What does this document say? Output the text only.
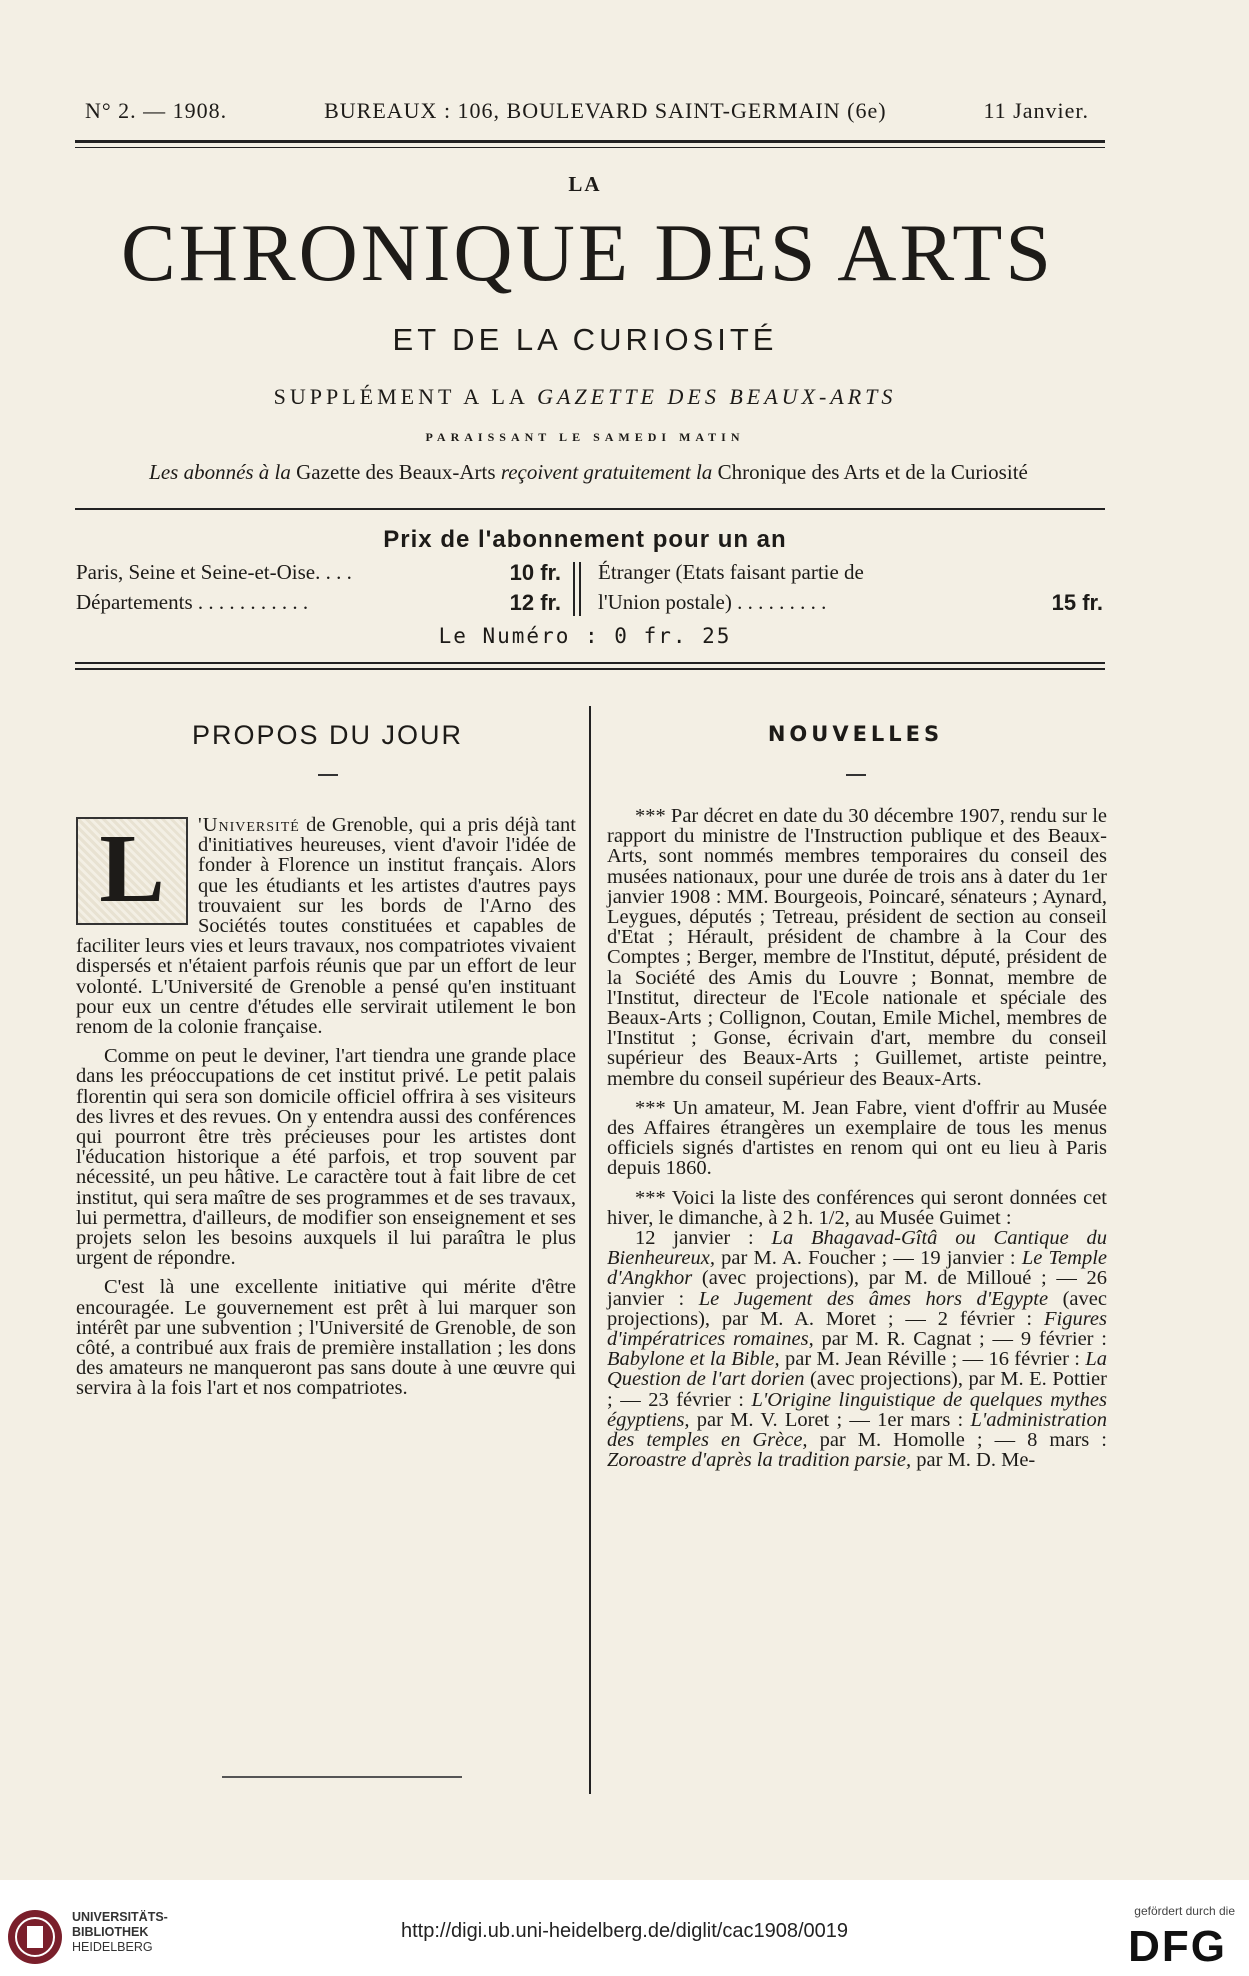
N° 2. — 1908.	BUREAUX : 106, BOULEVARD SAINT-GERMAIN (6e)	11 Janvier.
LA
CHRONIQUE DES ARTS
ET DE LA CURIOSITÉ
SUPPLÉMENT A LA GAZETTE DES BEAUX-ARTS
PARAISSANT LE SAMEDI MATIN
Les abonnés à la Gazette des Beaux-Arts reçoivent gratuitement la Chronique des Arts et de la Curiosité
Prix de l'abonnement pour un an
Paris, Seine et Seine-et-Oise. . . .	10 fr.
Départements . . . . . . . . . . .	12 fr.
Étranger (Etats faisant partie de
l'Union postale) . . . . . . . . .	15 fr.
Le Numéro : 0 fr. 25
PROPOS DU JOUR

L	'Université de Grenoble, qui a pris déjà tant d'initiatives heureuses, vient d'avoir l'idée de fonder à Florence un institut français. Alors que les étudiants et les artistes d'autres pays trouvaient sur les bords de l'Arno des Sociétés toutes constituées et capables de faciliter leurs vies et leurs travaux, nos compatriotes vivaient dispersés et n'étaient parfois réunis que par un effort de leur volonté. L'Université de Grenoble a pensé qu'en instituant pour eux un centre d'études elle servirait utilement le bon renom de la colonie française.

Comme on peut le deviner, l'art tiendra une grande place dans les préoccupations de cet institut privé. Le petit palais florentin qui sera son domicile officiel offrira à ses visiteurs des livres et des revues. On y entendra aussi des conférences qui pourront être très précieuses pour les artistes dont l'éducation historique a été parfois, et trop souvent par nécessité, un peu hâtive. Le caractère tout à fait libre de cet institut, qui sera maître de ses programmes et de ses travaux, lui permettra, d'ailleurs, de modifier son enseignement et ses projets selon les besoins auxquels il lui paraîtra le plus urgent de répondre.

C'est là une excellente initiative qui mérite d'être encouragée. Le gouvernement est prêt à lui marquer son intérêt par une subvention ; l'Université de Grenoble, de son côté, a contribué aux frais de première installation ; les dons des amateurs ne manqueront pas sans doute à une œuvre qui servira à la fois l'art et nos compatriotes.

NOUVELLES

*** Par décret en date du 30 décembre 1907, rendu sur le rapport du ministre de l'Instruction publique et des Beaux-Arts, sont nommés membres temporaires du conseil des musées nationaux, pour une durée de trois ans à dater du 1er janvier 1908 : MM. Bourgeois, Poincaré, sénateurs ; Aynard, Leygues, députés ; Tetreau, président de section au conseil d'Etat ; Hérault, président de chambre à la Cour des Comptes ; Berger, membre de l'Institut, député, président de la Société des Amis du Louvre ; Bonnat, membre de l'Institut, directeur de l'Ecole nationale et spéciale des Beaux-Arts ; Collignon, Coutan, Emile Michel, membres de l'Institut ; Gonse, écrivain d'art, membre du conseil supérieur des Beaux-Arts ; Guillemet, artiste peintre, membre du conseil supérieur des Beaux-Arts.

*** Un amateur, M. Jean Fabre, vient d'offrir au Musée des Affaires étrangères un exemplaire de tous les menus officiels signés d'artistes en renom qui ont eu lieu à Paris depuis 1860.

*** Voici la liste des conférences qui seront données cet hiver, le dimanche, à 2 h. 1/2, au Musée Guimet :

12 janvier : La Bhagavad-Gîtâ ou Cantique du Bienheureux, par M. A. Foucher ; — 19 janvier : Le Temple d'Angkhor (avec projections), par M. de Milloué ; — 26 janvier : Le Jugement des âmes hors d'Egypte (avec projections), par M. A. Moret ; — 2 février : Figures d'impératrices romaines, par M. R. Cagnat ; — 9 février : Babylone et la Bible, par M. Jean Réville ; — 16 février : La Question de l'art dorien (avec projections), par M. E. Pottier ; — 23 février : L'Origine linguistique de quelques mythes égyptiens, par M. V. Loret ; — 1er mars : L'administration des temples en Grèce, par M. Homolle ; — 8 mars : Zoroastre d'après la tradition parsie, par M. D. Me-

UNIVERSITÄTS-
BIBLIOTHEK
HEIDELBERG
http://digi.ub.uni-heidelberg.de/diglit/cac1908/0019
gefördert durch die
DFG
